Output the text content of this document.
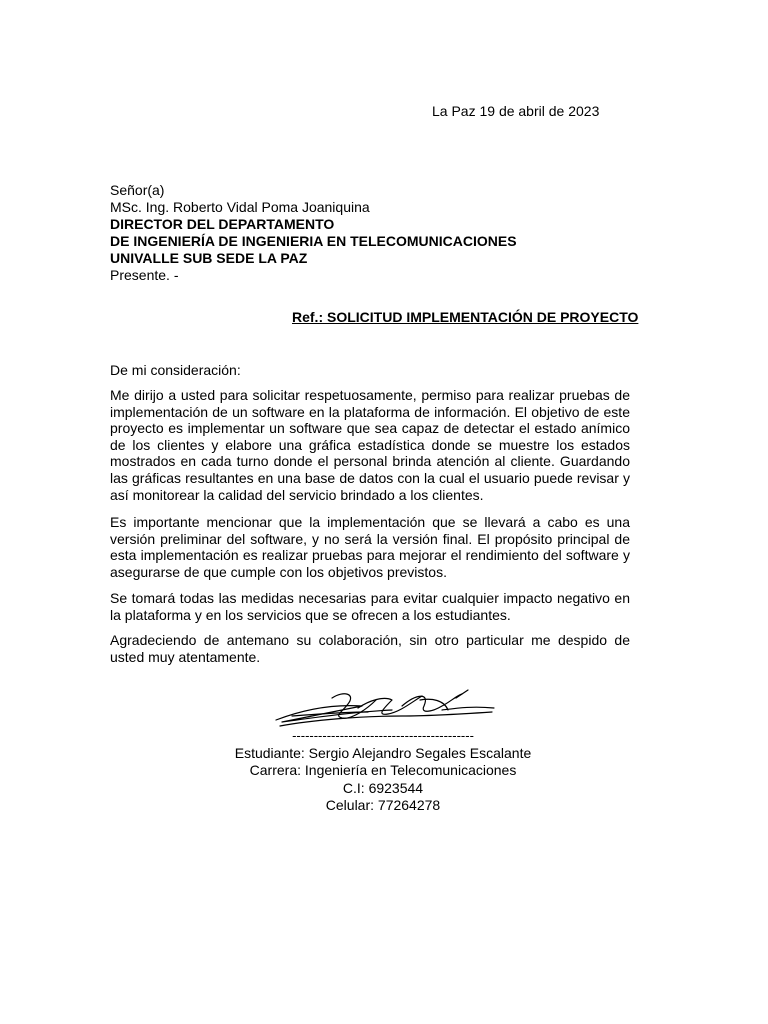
La Paz 19 de abril de 2023
Señor(a)
MSc. Ing. Roberto Vidal Poma Joaniquina
DIRECTOR DEL DEPARTAMENTO
DE INGENIERÍA DE INGENIERIA EN TELECOMUNICACIONES
UNIVALLE SUB SEDE LA PAZ
Presente. -
Ref.: SOLICITUD IMPLEMENTACIÓN DE PROYECTO
De mi consideración:

Me dirijo a usted para solicitar respetuosamente, permiso para realizar pruebas de implementación de un software en la plataforma de información. El objetivo de este proyecto es implementar un software que sea capaz de detectar el estado anímico de los clientes y elabore una gráfica estadística donde se muestre los estados mostrados en cada turno donde el personal brinda atención al cliente. Guardando las gráficas resultantes en una base de datos con la cual el usuario puede revisar y así monitorear la calidad del servicio brindado a los clientes.

Es importante mencionar que la implementación que se llevará a cabo es una versión preliminar del software, y no será la versión final. El propósito principal de esta implementación es realizar pruebas para mejorar el rendimiento del software y asegurarse de que cumple con los objetivos previstos.

Se tomará todas las medidas necesarias para evitar cualquier impacto negativo en la plataforma y en los servicios que se ofrecen a los estudiantes.

Agradeciendo de antemano su colaboración, sin otro particular me despido de usted muy atentamente.

------------------------------------------
Estudiante: Sergio Alejandro Segales Escalante
Carrera: Ingeniería en Telecomunicaciones
C.I: 6923544
Celular: 77264278
